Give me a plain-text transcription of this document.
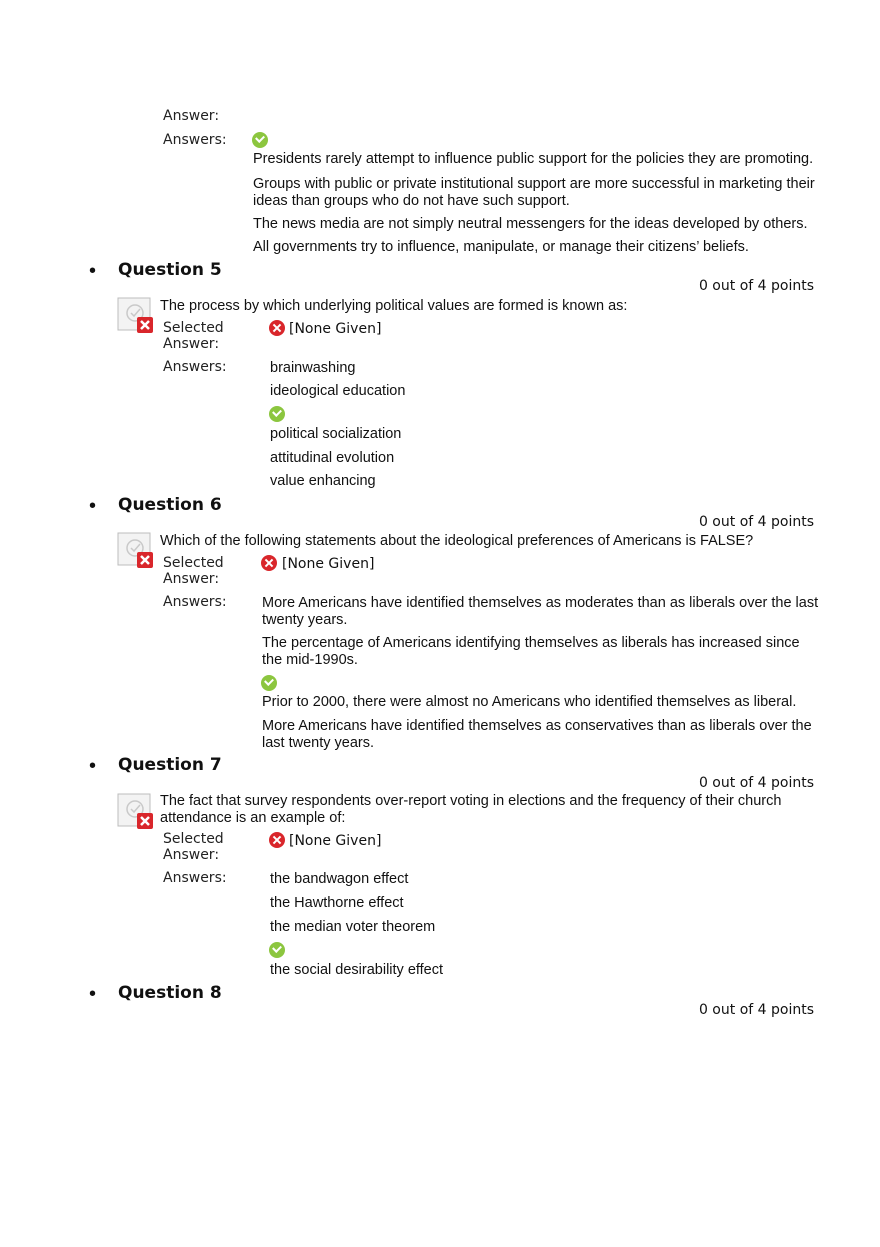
Answer:
Answers:
Presidents rarely attempt to influence public support for the policies they are promoting.
Groups with public or private institutional support are more successful in marketing their ideas than groups who do not have such support.
The news media are not simply neutral messengers for the ideas developed by others.
All governments try to influence, manipulate, or manage their citizens’ beliefs.
• Question 5
0 out of 4 points
The process by which underlying political values are formed is known as:
Selected
Answer:
[None Given]
Answers:	brainwashing
ideological education
political socialization
attitudinal evolution
value enhancing
• Question 6
0 out of 4 points
Which of the following statements about the ideological preferences of Americans is FALSE?
Selected
Answer:
[None Given]
Answers: More Americans have identified themselves as moderates than as liberals over the last twenty years.
The percentage of Americans identifying themselves as liberals has increased since the mid-1990s.
Prior to 2000, there were almost no Americans who identified themselves as liberal.
More Americans have identified themselves as conservatives than as liberals over the last twenty years.
• Question 7
0 out of 4 points
The fact that survey respondents over-report voting in elections and the frequency of their church attendance is an example of:
Selected
Answer:
[None Given]
Answers:	the bandwagon effect
the Hawthorne effect
the median voter theorem
the social desirability effect
• Question 8
0 out of 4 points
